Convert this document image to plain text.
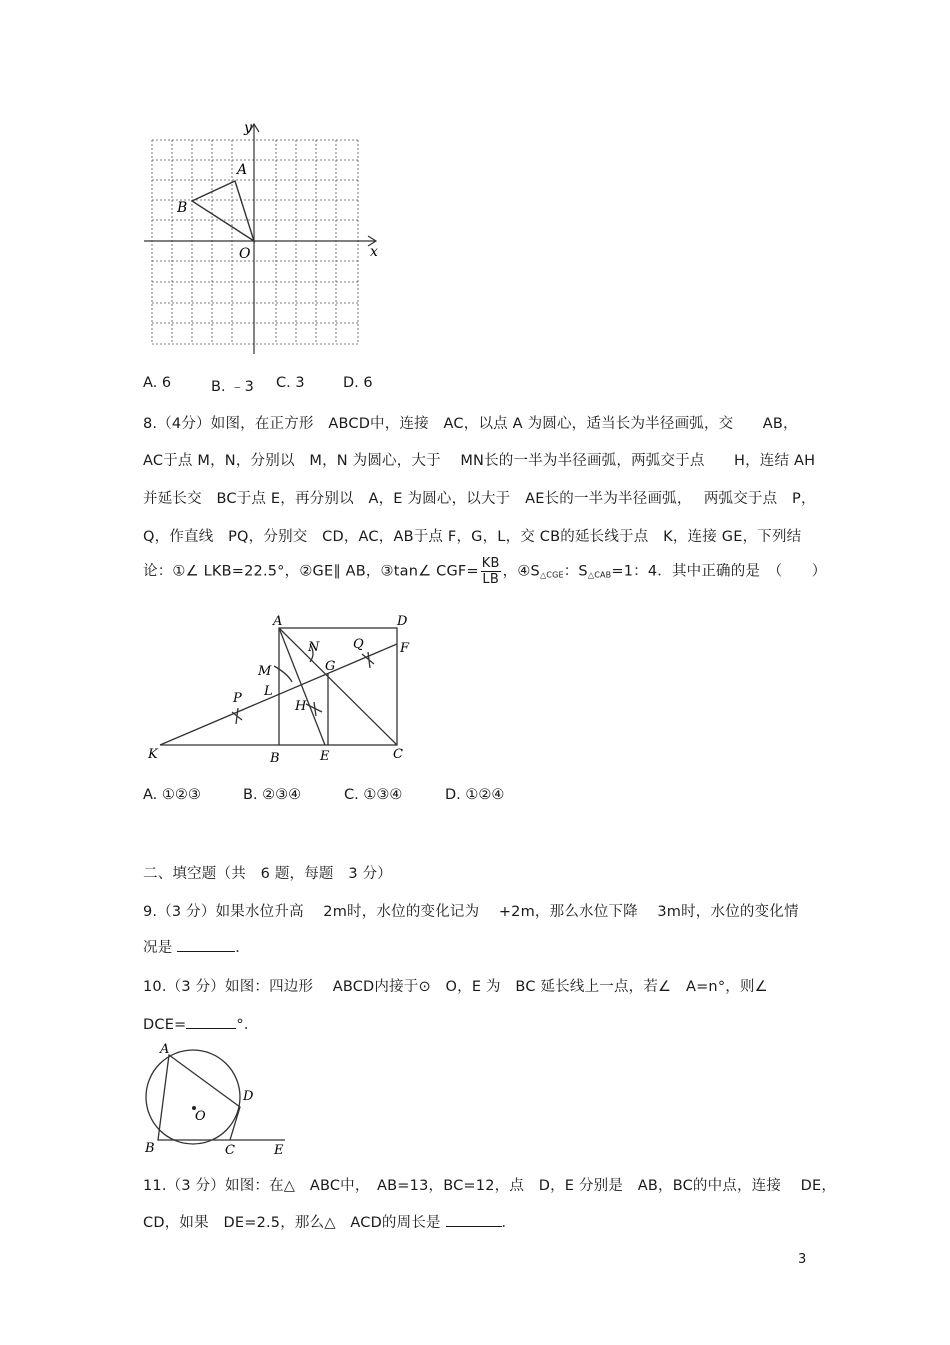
y
x
A
B
O
A. 6	B. ﹣3 C. 3	D. 6
8.（4分）如图，在正方形　ABCD中，连接　AC，以点 A 为圆心，适当长为半径画弧，交　　AB，
AC于点 M，N，分别以　M，N 为圆心，大于　 MN长的一半为半径画弧，两弧交于点　　H，连结 AH
并延长交　BC于点 E，再分别以　A，E 为圆心，以大于　AE长的一半为半径画弧，　 两弧交于点　P，
Q，作直线　PQ，分别交　CD，AC，AB于点 F，G，L，交 CB的延长线于点　K，连接 GE，下列结
论：①∠ LKB=22.5°，②GE∥ AB，③tan∠ $CGF= \frac{KB}{LB}$ ，$④S_{\triangle CGE}$：$S_{\triangle CAB}=1$：4．其中正确的是　（　　）
A	D
N	Q	F
M	G
L
P
H
K	B	E	C
A. ①②③	B. ②③④	C. ①③④	D. ①②④
二、填空题（共　6 题，每题　3 分）
9.（3 分）如果水位升高　 2m时，水位的变化记为　 +2m，那么水位下降　 3m时，水位的变化情
况是	．
10.（3 分）如图：四边形　 ABCD内接于⊙　O，E 为　BC 延长线上一点，若∠　A=n°，则∠
DCE=	°．
A
D
O
B	C	E
11.（3 分）如图：在△　ABC中，　AB=13，BC=12，点　D，E 分别是　AB，BC的中点，连接　 DE，
CD，如果　DE=2.5，那么△　ACD的周长是	．
3
